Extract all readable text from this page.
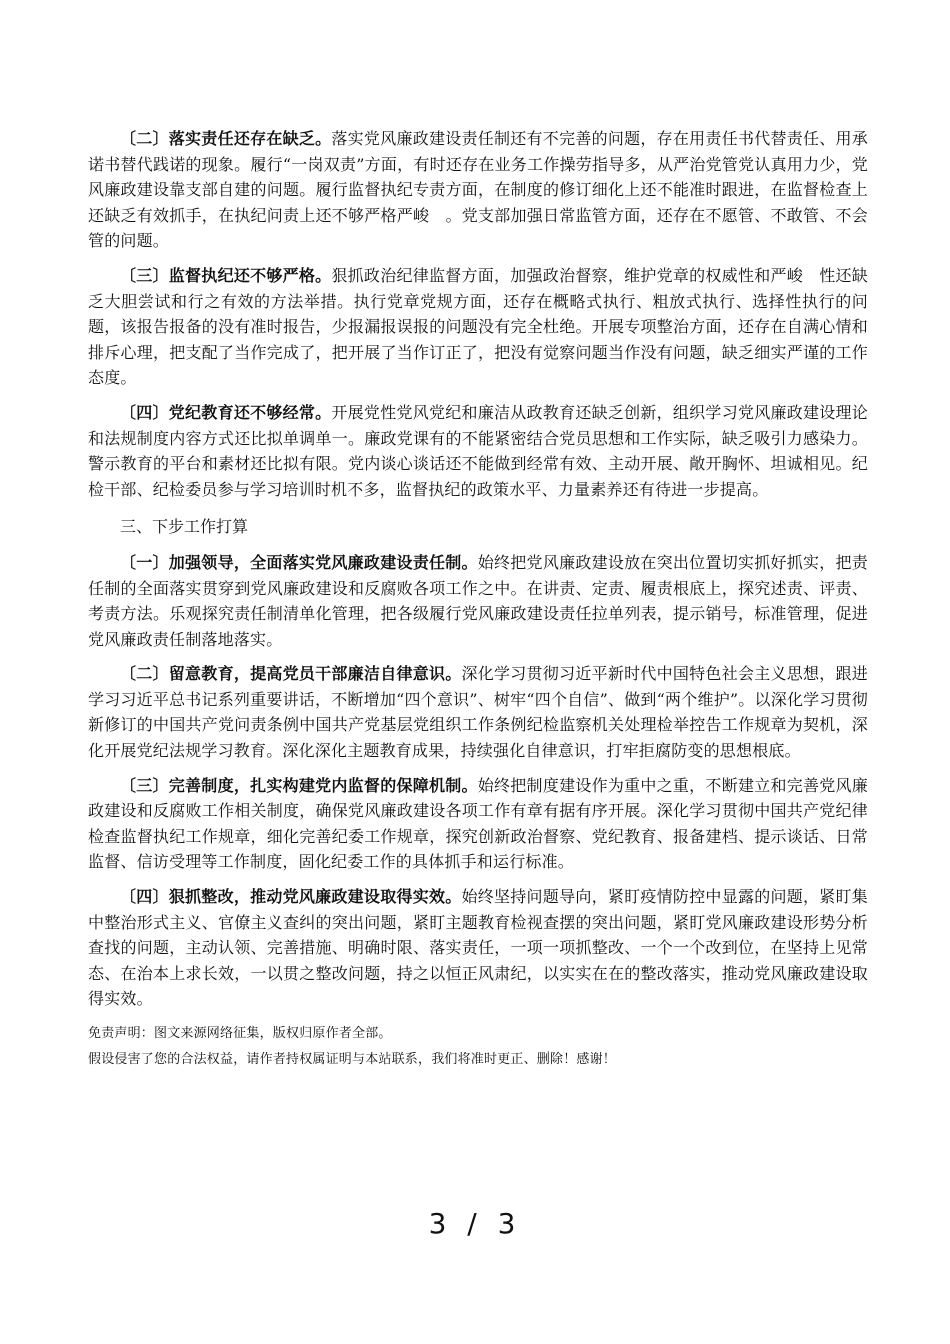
〔二〕落实责任还存在缺乏。落实党风廉政建设责任制还有不完善的问题，存在用责任书代替责任、用承诺书替代践诺的现象。履行“一岗双责”方面，有时还存在业务工作操劳指导多，从严治党管党认真用力少，党风廉政建设靠支部自建的问题。履行监督执纪专责方面，在制度的修订细化上还不能准时跟进，在监督检查上还缺乏有效抓手，在执纪问责上还不够严格严峻　。党支部加强日常监管方面，还存在不愿管、不敢管、不会管的问题。

〔三〕监督执纪还不够严格。狠抓政治纪律监督方面，加强政治督察，维护党章的权威性和严峻　性还缺乏大胆尝试和行之有效的方法举措。执行党章党规方面，还存在概略式执行、粗放式执行、选择性执行的问题，该报告报备的没有准时报告，少报漏报误报的问题没有完全杜绝。开展专项整治方面，还存在自满心情和排斥心理，把支配了当作完成了，把开展了当作订正了，把没有觉察问题当作没有问题，缺乏细实严谨的工作态度。

〔四〕党纪教育还不够经常。开展党性党风党纪和廉洁从政教育还缺乏创新，组织学习党风廉政建设理论和法规制度内容方式还比拟单调单一。廉政党课有的不能紧密结合党员思想和工作实际，缺乏吸引力感染力。警示教育的平台和素材还比拟有限。党内谈心谈话还不能做到经常有效、主动开展、敞开胸怀、坦诚相见。纪检干部、纪检委员参与学习培训时机不多，监督执纪的政策水平、力量素养还有待进一步提高。

三、下步工作打算

〔一〕加强领导，全面落实党风廉政建设责任制。始终把党风廉政建设放在突出位置切实抓好抓实，把责任制的全面落实贯穿到党风廉政建设和反腐败各项工作之中。在讲责、定责、履责根底上，探究述责、评责、考责方法。乐观探究责任制清单化管理，把各级履行党风廉政建设责任拉单列表，提示销号，标准管理，促进党风廉政责任制落地落实。

〔二〕留意教育，提高党员干部廉洁自律意识。深化学习贯彻习近平新时代中国特色社会主义思想，跟进学习习近平总书记系列重要讲话，不断增加“四个意识”、树牢“四个自信”、做到“两个维护”。以深化学习贯彻新修订的中国共产党问责条例中国共产党基层党组织工作条例纪检监察机关处理检举控告工作规章为契机，深化开展党纪法规学习教育。深化深化主题教育成果，持续强化自律意识，打牢拒腐防变的思想根底。

〔三〕完善制度，扎实构建党内监督的保障机制。始终把制度建设作为重中之重，不断建立和完善党风廉政建设和反腐败工作相关制度，确保党风廉政建设各项工作有章有据有序开展。深化学习贯彻中国共产党纪律检查监督执纪工作规章，细化完善纪委工作规章，探究创新政治督察、党纪教育、报备建档、提示谈话、日常监督、信访受理等工作制度，固化纪委工作的具体抓手和运行标准。

〔四〕狠抓整改，推动党风廉政建设取得实效。始终坚持问题导向，紧盯疫情防控中显露的问题，紧盯集中整治形式主义、官僚主义查纠的突出问题，紧盯主题教育检视查摆的突出问题，紧盯党风廉政建设形势分析查找的问题，主动认领、完善措施、明确时限、落实责任，一项一项抓整改、一个一个改到位，在坚持上见常态、在治本上求长效，一以贯之整改问题，持之以恒正风肃纪，以实实在在的整改落实，推动党风廉政建设取得实效。

免责声明：图文来源网络征集，版权归原作者全部。

假设侵害了您的合法权益，请作者持权属证明与本站联系，我们将准时更正、删除！感谢！

3 / 3
